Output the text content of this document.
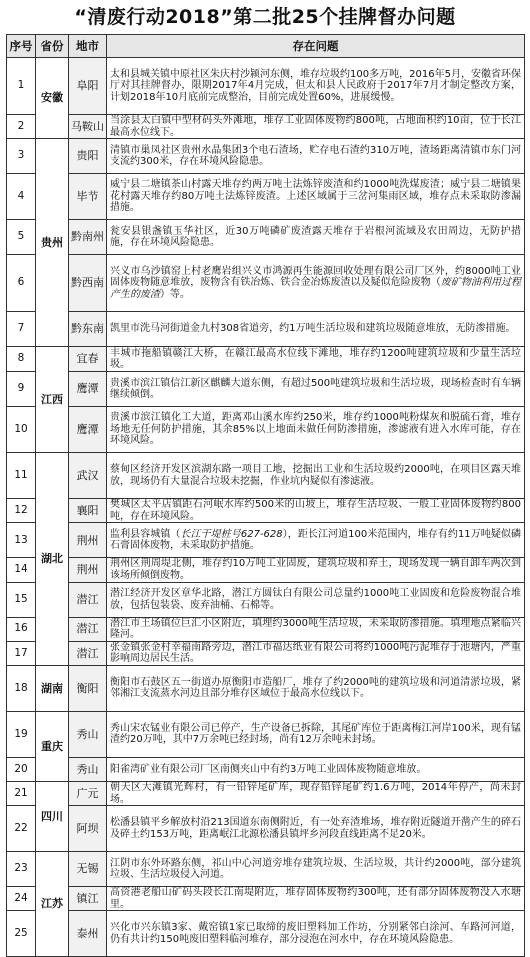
“清废行动2018”第二批25个挂牌督办问题
序号	省份	地市	存在问题
1	安徽	阜阳	太和县城关镇中原社区朱庆村沙颍河东侧，堆存垃圾约100多万吨，2016年5月，安徽省环保厅对其挂牌督办，限期2017年4月完成，但太和县人民政府于2017年7月才制定整改方案，计划2018年10月底前完成整治，目前完成处置60%，进展缓慢。
2		马鞍山	当涂县太白镇中型材码头外滩地，堆存工业固体废物约800吨，占地面积约10亩，位于长江最高水位线下。
3	贵州	贵阳	清镇市巢凤社区贵州水晶集团3个电石渣场，贮存电石渣约310万吨，渣场距离清镇市东门河支流约300米，存在环境风险隐患。
4		毕节	威宁县二塘镇茶山村露天堆存约两万吨土法炼锌废渣和约1000吨洗煤废渣；威宁县二塘镇果花村露天堆存约80万吨土法炼锌废渣。上述区域属于三岔河集雨区域，堆存点未采取防渗漏措施。
5		黔南州	瓮安县银盏镇玉华社区，近30万吨磷矿废渣露天堆存于岩根河流域及农田周边，无防护措施，存在环境风险隐患。
6		黔西南	兴义市乌沙镇窑上村老鹰岩组兴义市鸿源再生能源回收处理有限公司厂区外，约8000吨工业固体废物随意堆放，废物含有铁冶炼、铁合金冶炼废渣以及疑似危险废物（废矿物油利用过程产生的废渣）等。
7		黔东南	凯里市洗马河街道金九村308省道旁，约1万吨生活垃圾和建筑垃圾随意堆放，无防渗措施。
8	江西	宜春	丰城市拖船镇赣江大桥，在赣江最高水位线下滩地，堆存约1200吨建筑垃圾和少量生活垃圾。
9		鹰潭	贵溪市滨江镇信江新区麒麟大道东侧，有超过500吨建筑垃圾和生活垃圾，现场检查时有车辆继续倾倒。
10		鹰潭	贵溪市滨江镇化工大道，距离邓山溪水库约250米，堆存约1000吨粉煤灰和脱硫石膏，堆存场地无任何防护措施，其余85%以上地面未做任何防渗措施，渗滤液有进入水库可能，存在环境风险。
11	湖北	武汉	蔡甸区经济开发区滨湖东路一项目工地，挖掘出工业和生活垃圾约2000吨，在项目区露天堆放，现场仍有大量混合垃圾未挖掘，作业坑内疑似有渗滤液。
12		襄阳	樊城区太平店镇距石河岷水库约500米的山坡上，堆存生活垃圾、一般工业固体废物约800吨，存在环境风险。
13		荆州	监利县容城镇（长江干堤桩号627-628），距长江河道100米范围内，堆存有约11万吨疑似磷石膏固体废物，未采取防护措施。
14		荆州	荆州区荆周堤北侧，堆存约10万吨工业固废，建筑垃圾和弃土，现场发现一辆自卸车两次到该场所倾倒废物。
15		潜江	潜江经济开发区章华北路，潜江方圆钛白有限公司总量约1000吨工业固废和危险废物混合堆放，包括包装袋、废弃油桶、石棉等。
16		潜江	潜江市王场镇位巨汇小区附近，填埋约3000吨生活垃圾，未采取防渗措施。填埋地点紧临兴隆河。
17		潜江	张金镇张金村幸福南路旁边，潜江市福达纸业有限公司将约1000吨污泥堆存于池塘内，严重影响周边居民生活。
18	湖南	衡阳	衡阳市石鼓区五一街道办原衡阳市造船厂，堆存了约2000吨的建筑垃圾和河道清淤垃圾，紧邻湘江支流蒸水河边且部分堆存区域位于最高水位线以下。
19	重庆	秀山	秀山宋农锰业有限公司已停产，生产设备已拆除，其尾矿库位于距离梅江河岸100米，现有锰渣约20万吨，其中7万余吨已经封场，尚有12万余吨未封场。
20		秀山	阳雀湾矿业有限公司厂区南侧夹山中有约3万吨工业固体废物随意堆放。
21	四川	广元	朝天区大滩镇光辉村，有一铅锌尾矿库，现存铅锌尾矿约1.6万吨，2014年停产，尚未封场。
22		阿坝	松潘县镇平乡解放村沿213国道东南侧附近，有一处弃渣堆场，堆存附近隧道开凿产生的碎石及碎土约153万吨，距离岷江北源松潘县镇坪乡河段直线距离不足20米。
23	江苏	无锡	江阴市东外环路东侧，祁山中心河道旁堆存建筑垃圾、生活垃圾，共计约2000吨，部分建筑垃圾、生活垃圾侵入河道。
24		镇江	高资港老船山矿码头段长江南堤附近，堆存固体废物约300吨，还有部分固体废物没入水塘里。
25		泰州	兴化市兴东镇3家、戴窑镇1家已取缔的废旧塑料加工作坊，分别紧邻白涂河、车路河河道，仍有共计约150吨废旧塑料临河堆存，部分浸泡在河水中，存在环境风险隐患。
